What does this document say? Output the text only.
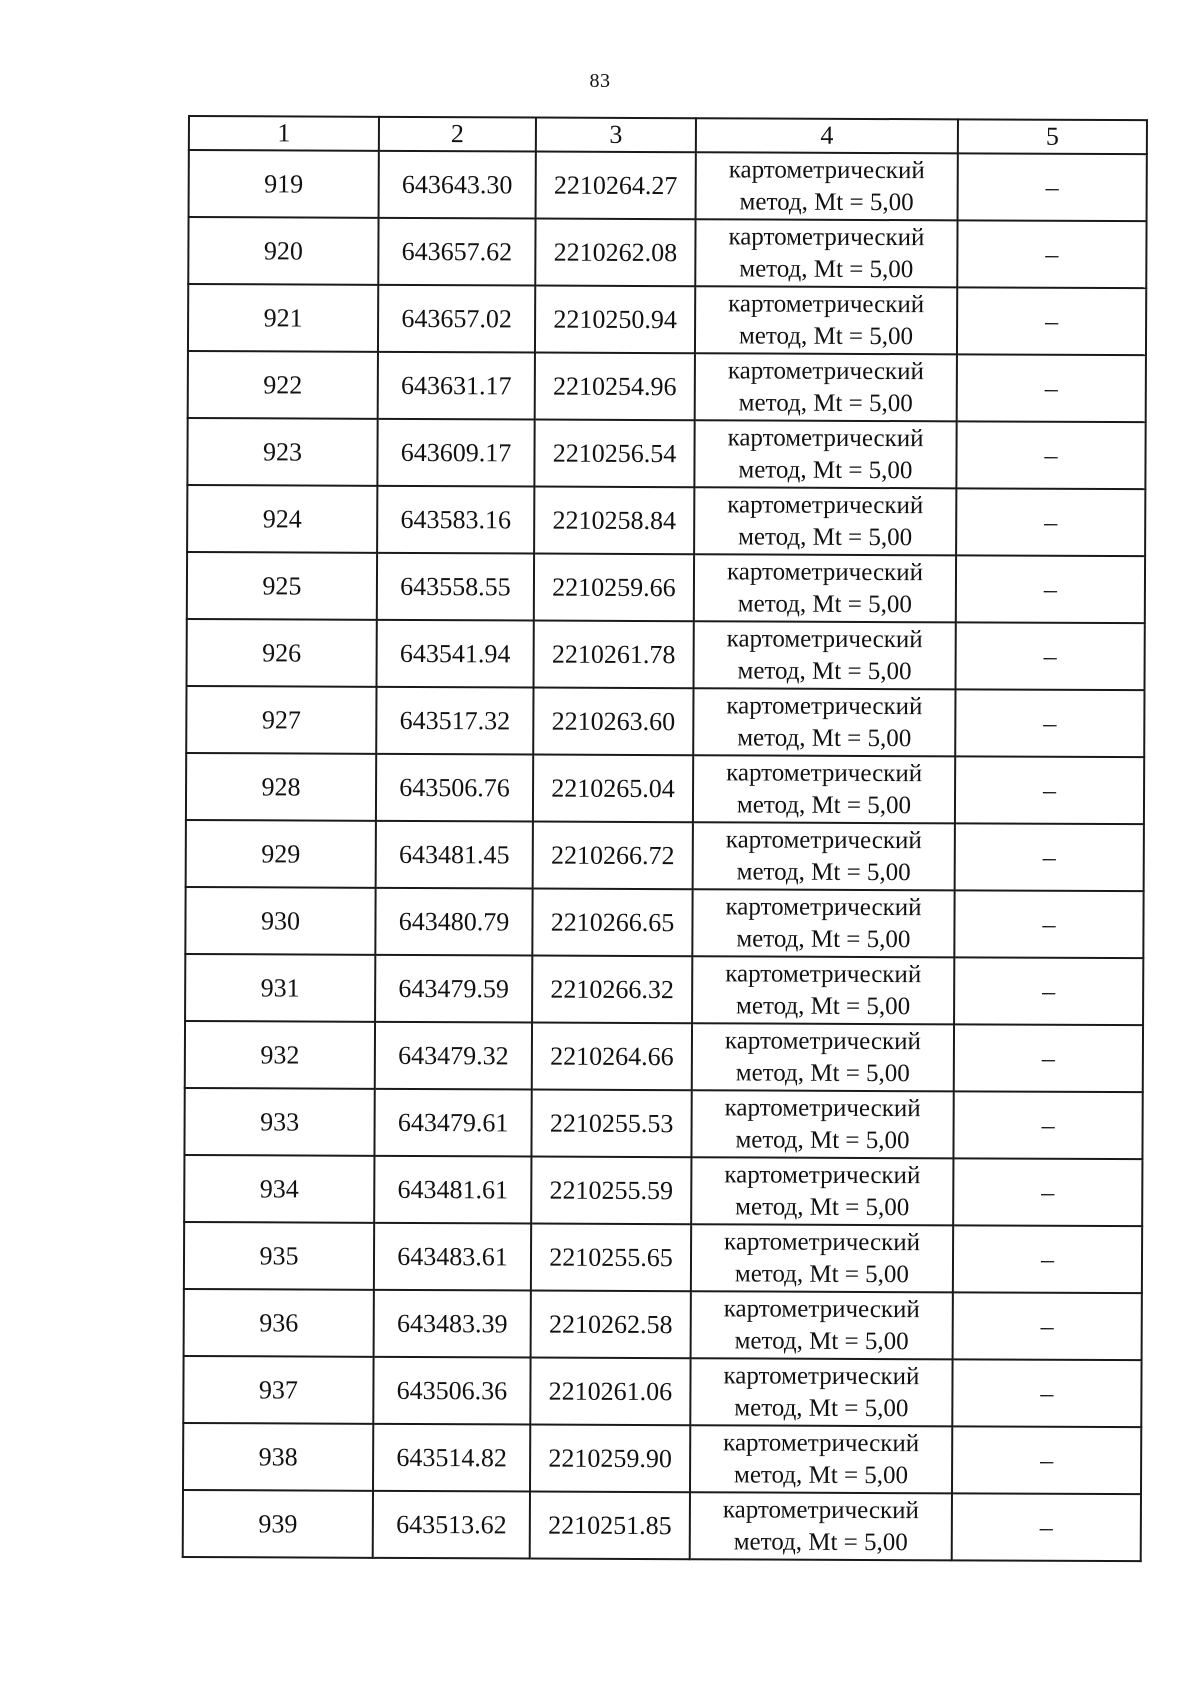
83
1	2	3	4	5
919	643643.30	2210264.27	картометрический
метод, Mt = 5,00	–
920	643657.62	2210262.08	картометрический
метод, Mt = 5,00	–
921	643657.02	2210250.94	картометрический
метод, Mt = 5,00	–
922	643631.17	2210254.96	картометрический
метод, Mt = 5,00	–
923	643609.17	2210256.54	картометрический
метод, Mt = 5,00	–
924	643583.16	2210258.84	картометрический
метод, Mt = 5,00	–
925	643558.55	2210259.66	картометрический
метод, Mt = 5,00	–
926	643541.94	2210261.78	картометрический
метод, Mt = 5,00	–
927	643517.32	2210263.60	картометрический
метод, Mt = 5,00	–
928	643506.76	2210265.04	картометрический
метод, Mt = 5,00	–
929	643481.45	2210266.72	картометрический
метод, Mt = 5,00	–
930	643480.79	2210266.65	картометрический
метод, Mt = 5,00	–
931	643479.59	2210266.32	картометрический
метод, Mt = 5,00	–
932	643479.32	2210264.66	картометрический
метод, Mt = 5,00	–
933	643479.61	2210255.53	картометрический
метод, Mt = 5,00	–
934	643481.61	2210255.59	картометрический
метод, Mt = 5,00	–
935	643483.61	2210255.65	картометрический
метод, Mt = 5,00	–
936	643483.39	2210262.58	картометрический
метод, Mt = 5,00	–
937	643506.36	2210261.06	картометрический
метод, Mt = 5,00	–
938	643514.82	2210259.90	картометрический
метод, Mt = 5,00	–
939	643513.62	2210251.85	картометрический
метод, Mt = 5,00	–
